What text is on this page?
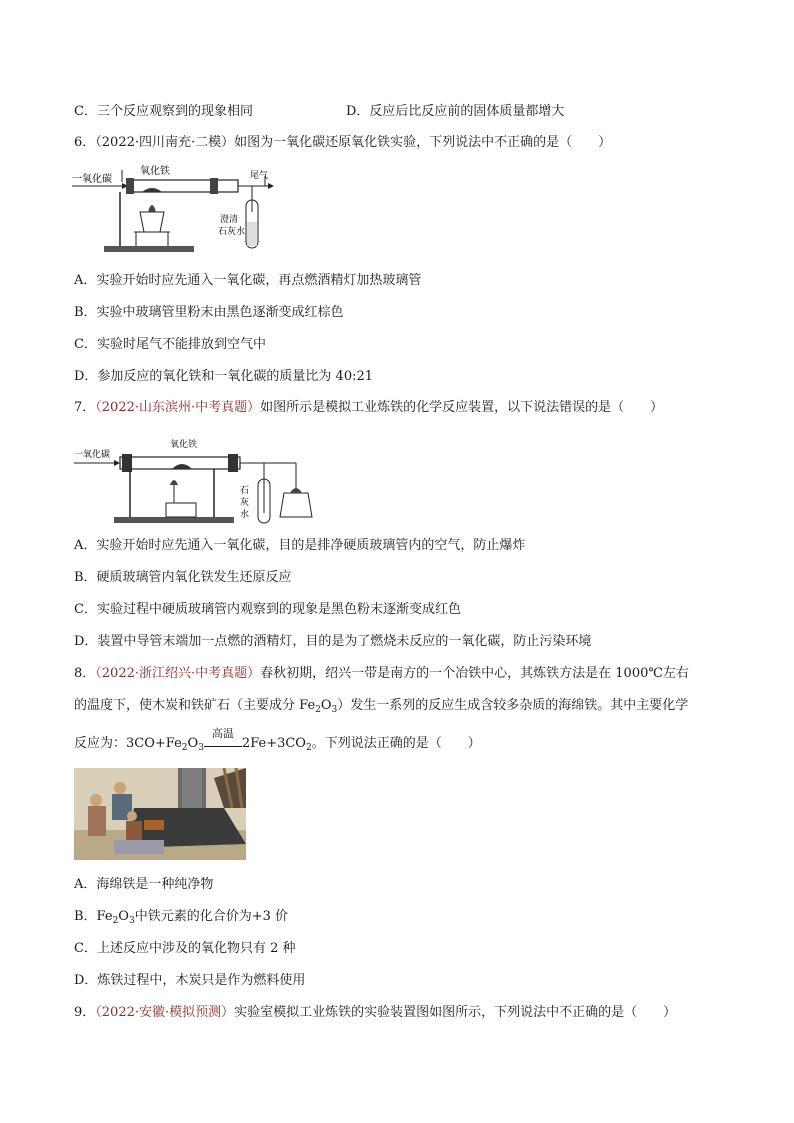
C．三个反应观察到的现象相同	D．反应后比反应前的固体质量都增大
6．（2022·四川南充·二模）如图为一氧化碳还原氧化铁实验，下列说法中不正确的是（　　）
一氧化碳
氧化铁	尾气
澄清
石灰水
A．实验开始时应先通入一氧化碳，再点燃酒精灯加热玻璃管
B．实验中玻璃管里粉末由黑色逐渐变成红棕色
C．实验时尾气不能排放到空气中
D．参加反应的氧化铁和一氧化碳的质量比为 40:21
7．（2022·山东滨州·中考真题）如图所示是模拟工业炼铁的化学反应装置，以下说法错误的是（　　）
一氧化碳
氧化铁
石
灰
水
A．实验开始时应先通入一氧化碳，目的是排净硬质玻璃管内的空气，防止爆炸
B．硬质玻璃管内氧化铁发生还原反应
C．实验过程中硬质玻璃管内观察到的现象是黑色粉末逐渐变成红色
D．装置中导管末端加一点燃的酒精灯，目的是为了燃烧未反应的一氧化碳，防止污染环境
8．（2022·浙江绍兴·中考真题）春秋初期，绍兴一带是南方的一个冶铁中心，其炼铁方法是在 1000℃左右
的温度下，使木炭和铁矿石（主要成分 $Fe_2O_3$）发生一系列的反应生成含较多杂质的海绵铁。其中主要化学
反应为：$3CO+Fe_2O_3$
高温
$2Fe+3CO_2$。下列说法正确的是（　　）
A．海绵铁是一种纯净物
B．$Fe_2O_3$中铁元素的化合价为+3 价
C．上述反应中涉及的氧化物只有 2 种
D．炼铁过程中，木炭只是作为燃料使用
9．（2022·安徽·模拟预测）实验室模拟工业炼铁的实验装置图如图所示，下列说法中不正确的是（　　）
